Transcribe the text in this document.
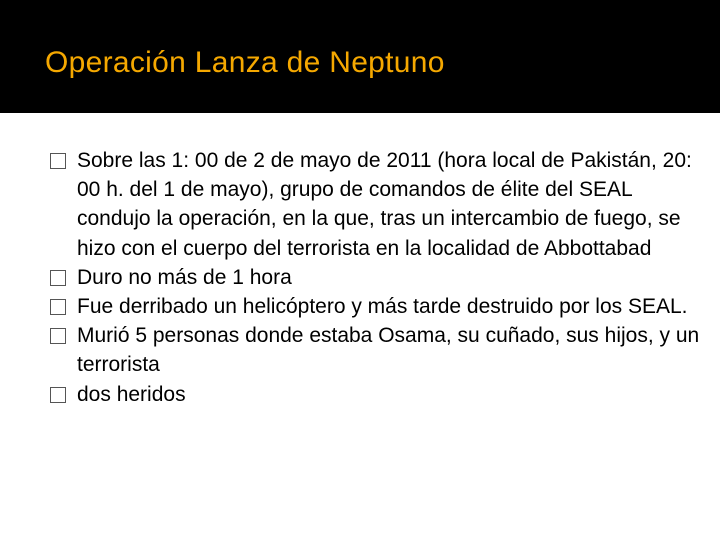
Operación Lanza de Neptuno
Sobre las 1: 00 de 2 de mayo de 2011 (hora local de Pakistán, 20: 00 h. del 1 de mayo), grupo de comandos de élite del SEAL condujo la operación, en la que, tras un intercambio de fuego, se hizo con el cuerpo del terrorista en la localidad de Abbottabad
Duro no más de 1 hora
Fue derribado un helicóptero y más tarde destruido por los SEAL.
Murió 5 personas donde estaba Osama, su cuñado, sus hijos, y un terrorista
dos heridos
